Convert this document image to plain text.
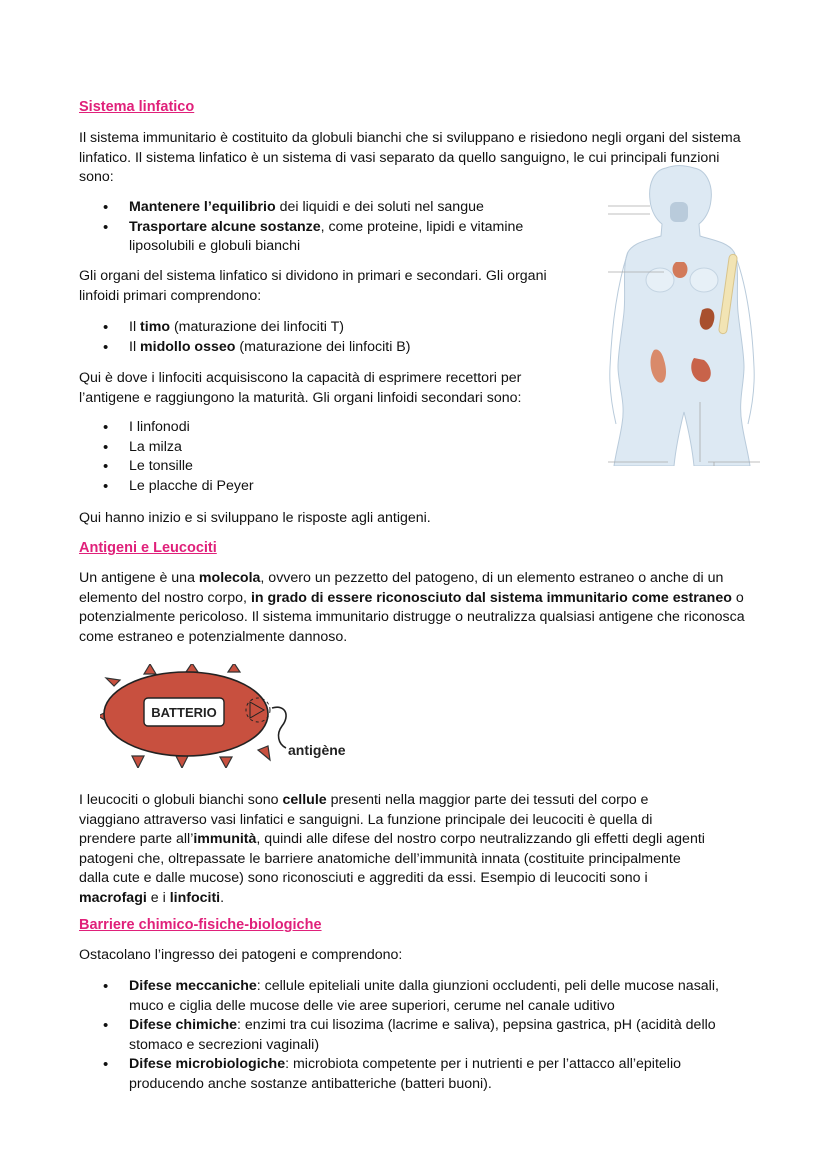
Sistema linfatico

Il sistema immunitario è costituito da globuli bianchi che si sviluppano e risiedono negli organi del sistema linfatico. Il sistema linfatico è un sistema di vasi separato da quello sanguigno, le cui principali funzioni sono:

• Mantenere l’equilibrio dei liquidi e dei soluti nel sangue
• Trasportare alcune sostanze, come proteine, lipidi e vitamine liposolubili e globuli bianchi

Gli organi del sistema linfatico si dividono in primari e secondari. Gli organi linfoidi primari comprendono:

• Il timo (maturazione dei linfociti T)
• Il midollo osseo (maturazione dei linfociti B)

Qui è dove i linfociti acquisiscono la capacità di esprimere recettori per l’antigene e raggiungono la maturità. Gli organi linfoidi secondari sono:

• I linfonodi
• La milza
• Le tonsille
• Le placche di Peyer

Qui hanno inizio e si sviluppano le risposte agli antigeni.

Antigeni e Leucociti

Un antigene è una molecola, ovvero un pezzetto del patogeno, di un elemento estraneo o anche di un elemento del nostro corpo, in grado di essere riconosciuto dal sistema immunitario come estraneo o potenzialmente pericoloso. Il sistema immunitario distrugge o neutralizza qualsiasi antigene che riconosca come estraneo e potenzialmente dannoso.

I leucociti o globuli bianchi sono cellule presenti nella maggior parte dei tessuti del corpo e viaggiano attraverso vasi linfatici e sanguigni. La funzione principale dei leucociti è quella di prendere parte all’immunità, quindi alle difese del nostro corpo neutralizzando gli effetti degli agenti patogeni che, oltrepassate le barriere anatomiche dell’immunità innata (costituite principalmente dalla cute e dalle mucose) sono riconosciuti e aggrediti da essi. Esempio di leucociti sono i macrofagi e i linfociti.

Barriere chimico-fisiche-biologiche

Ostacolano l’ingresso dei patogeni e comprendono:

• Difese meccaniche: cellule epiteliali unite dalla giunzioni occludenti, peli delle mucose nasali, muco e ciglia delle mucose delle vie aree superiori, cerume nel canale uditivo
• Difese chimiche: enzimi tra cui lisozima (lacrime e saliva), pepsina gastrica, pH (acidità dello stomaco e secrezioni vaginali)
• Difese microbiologiche: microbiota competente per i nutrienti e per l’attacco all’epitelio producendo anche sostanze antibatteriche (batteri buoni).
BATTERIO
antigène
